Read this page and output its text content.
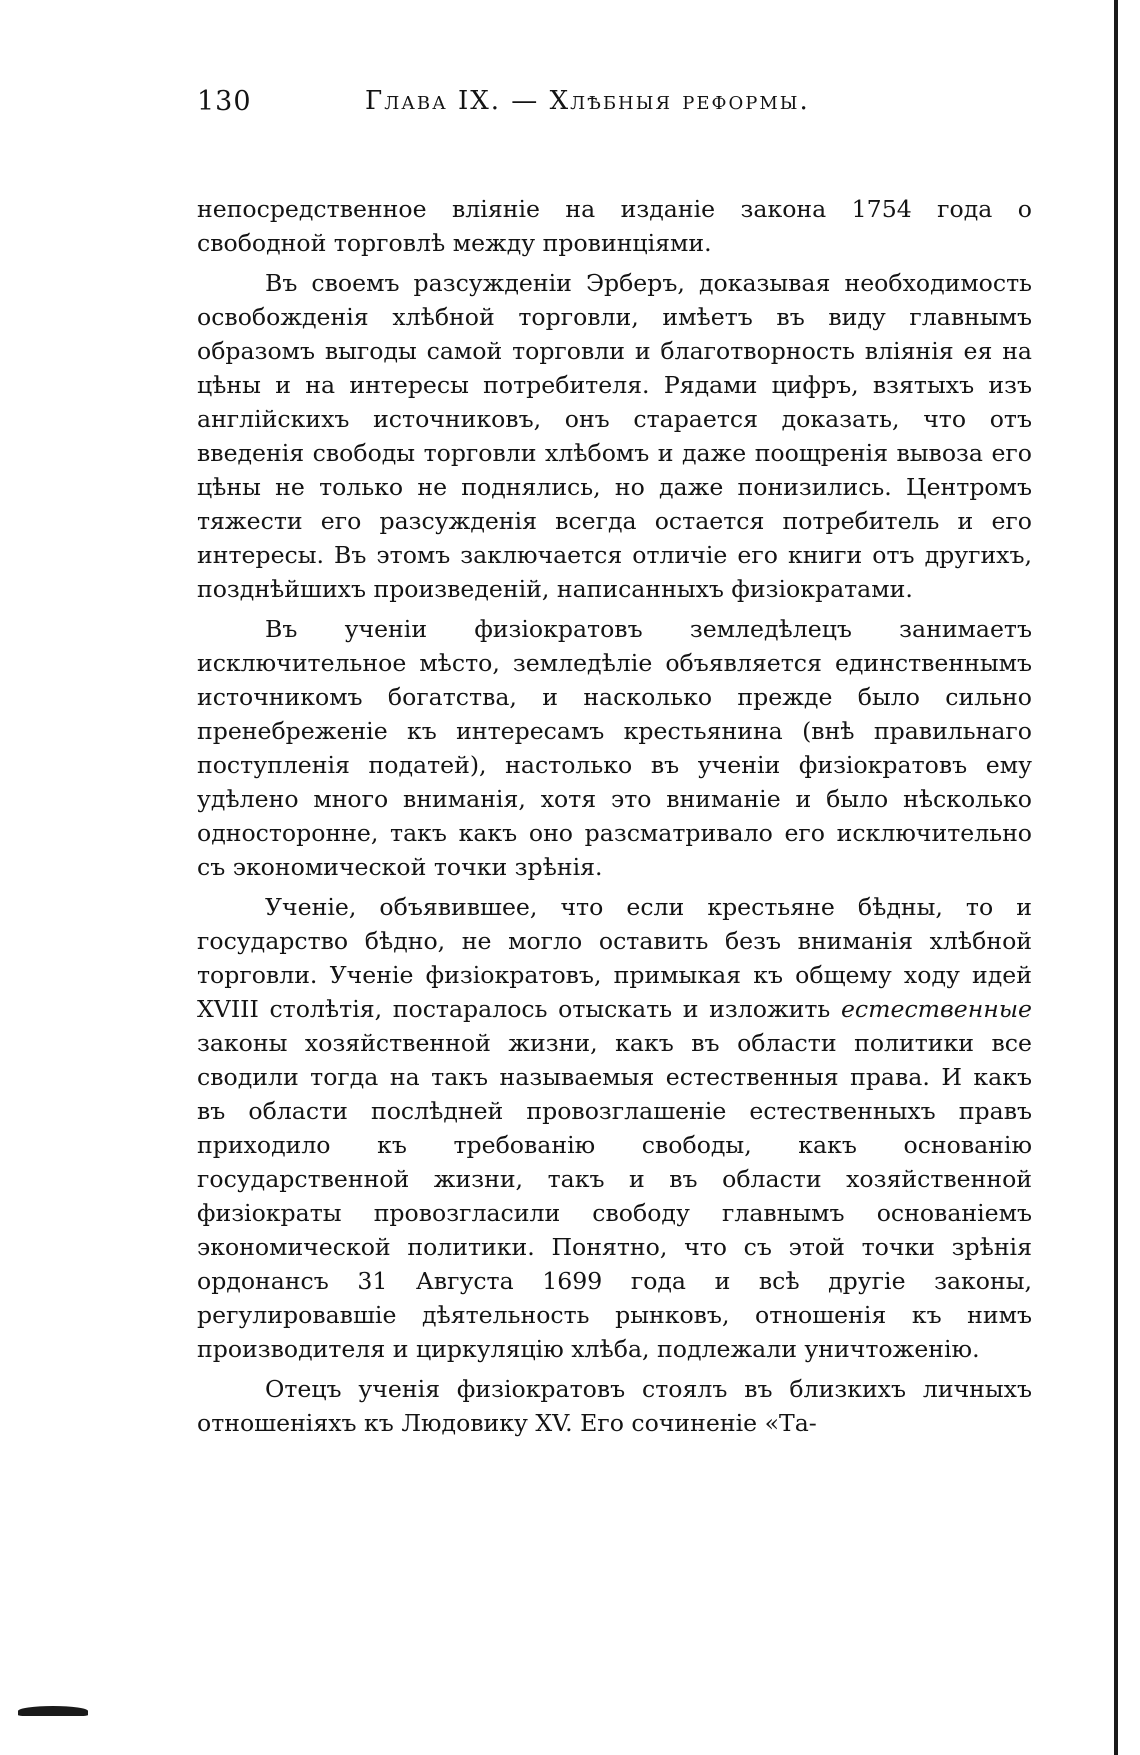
130	Глава IX. — Хлѣбныя реформы.

непосредственное вліяніе на изданіе закона 1754 года о свободной торговлѣ между провинціями.

Въ своемъ разсужденіи Эрберъ, доказывая необходимость освобожденія хлѣбной торговли, имѣетъ въ виду главнымъ образомъ выгоды самой торговли и благотворность вліянія ея на цѣны и на интересы потребителя. Рядами цифръ, взятыхъ изъ англійскихъ источниковъ, онъ старается доказать, что отъ введенія свободы торговли хлѣбомъ и даже поощренія вывоза его цѣны не только не поднялись, но даже понизились. Центромъ тяжести его разсужденія всегда остается потребитель и его интересы. Въ этомъ заключается отличіе его книги отъ другихъ, позднѣйшихъ произведеній, написанныхъ физіократами.

Въ ученіи физіократовъ земледѣлецъ занимаетъ исключительное мѣсто, земледѣліе объявляется единственнымъ источникомъ богатства, и насколько прежде было сильно пренебреженіе къ интересамъ крестьянина (внѣ правильнаго поступленія податей), настолько въ ученіи физіократовъ ему удѣлено много вниманія, хотя это вниманіе и было нѣсколько односторонне, такъ какъ оно разсматривало его исключительно съ экономической точки зрѣнія.

Ученіе, объявившее, что если крестьяне бѣдны, то и государство бѣдно, не могло оставить безъ вниманія хлѣбной торговли. Ученіе физіократовъ, примыкая къ общему ходу идей XVIII столѣтія, постаралось отыскать и изложить естественные законы хозяйственной жизни, какъ въ области политики все сводили тогда на такъ называемыя естественныя права. И какъ въ области послѣдней провозглашеніе естественныхъ правъ приходило къ требованію свободы, какъ основанію государственной жизни, такъ и въ области хозяйственной физіократы провозгласили свободу главнымъ основаніемъ экономической политики. Понятно, что съ этой точки зрѣнія ордонансъ 31 Августа 1699 года и всѣ другіе законы, регулировавшіе дѣятельность рынковъ, отношенія къ нимъ производителя и циркуляцію хлѣба, подлежали уничтоженію.

Отецъ ученія физіократовъ стоялъ въ близкихъ личныхъ отношеніяхъ къ Людовику XV. Его сочиненіе «Та-
